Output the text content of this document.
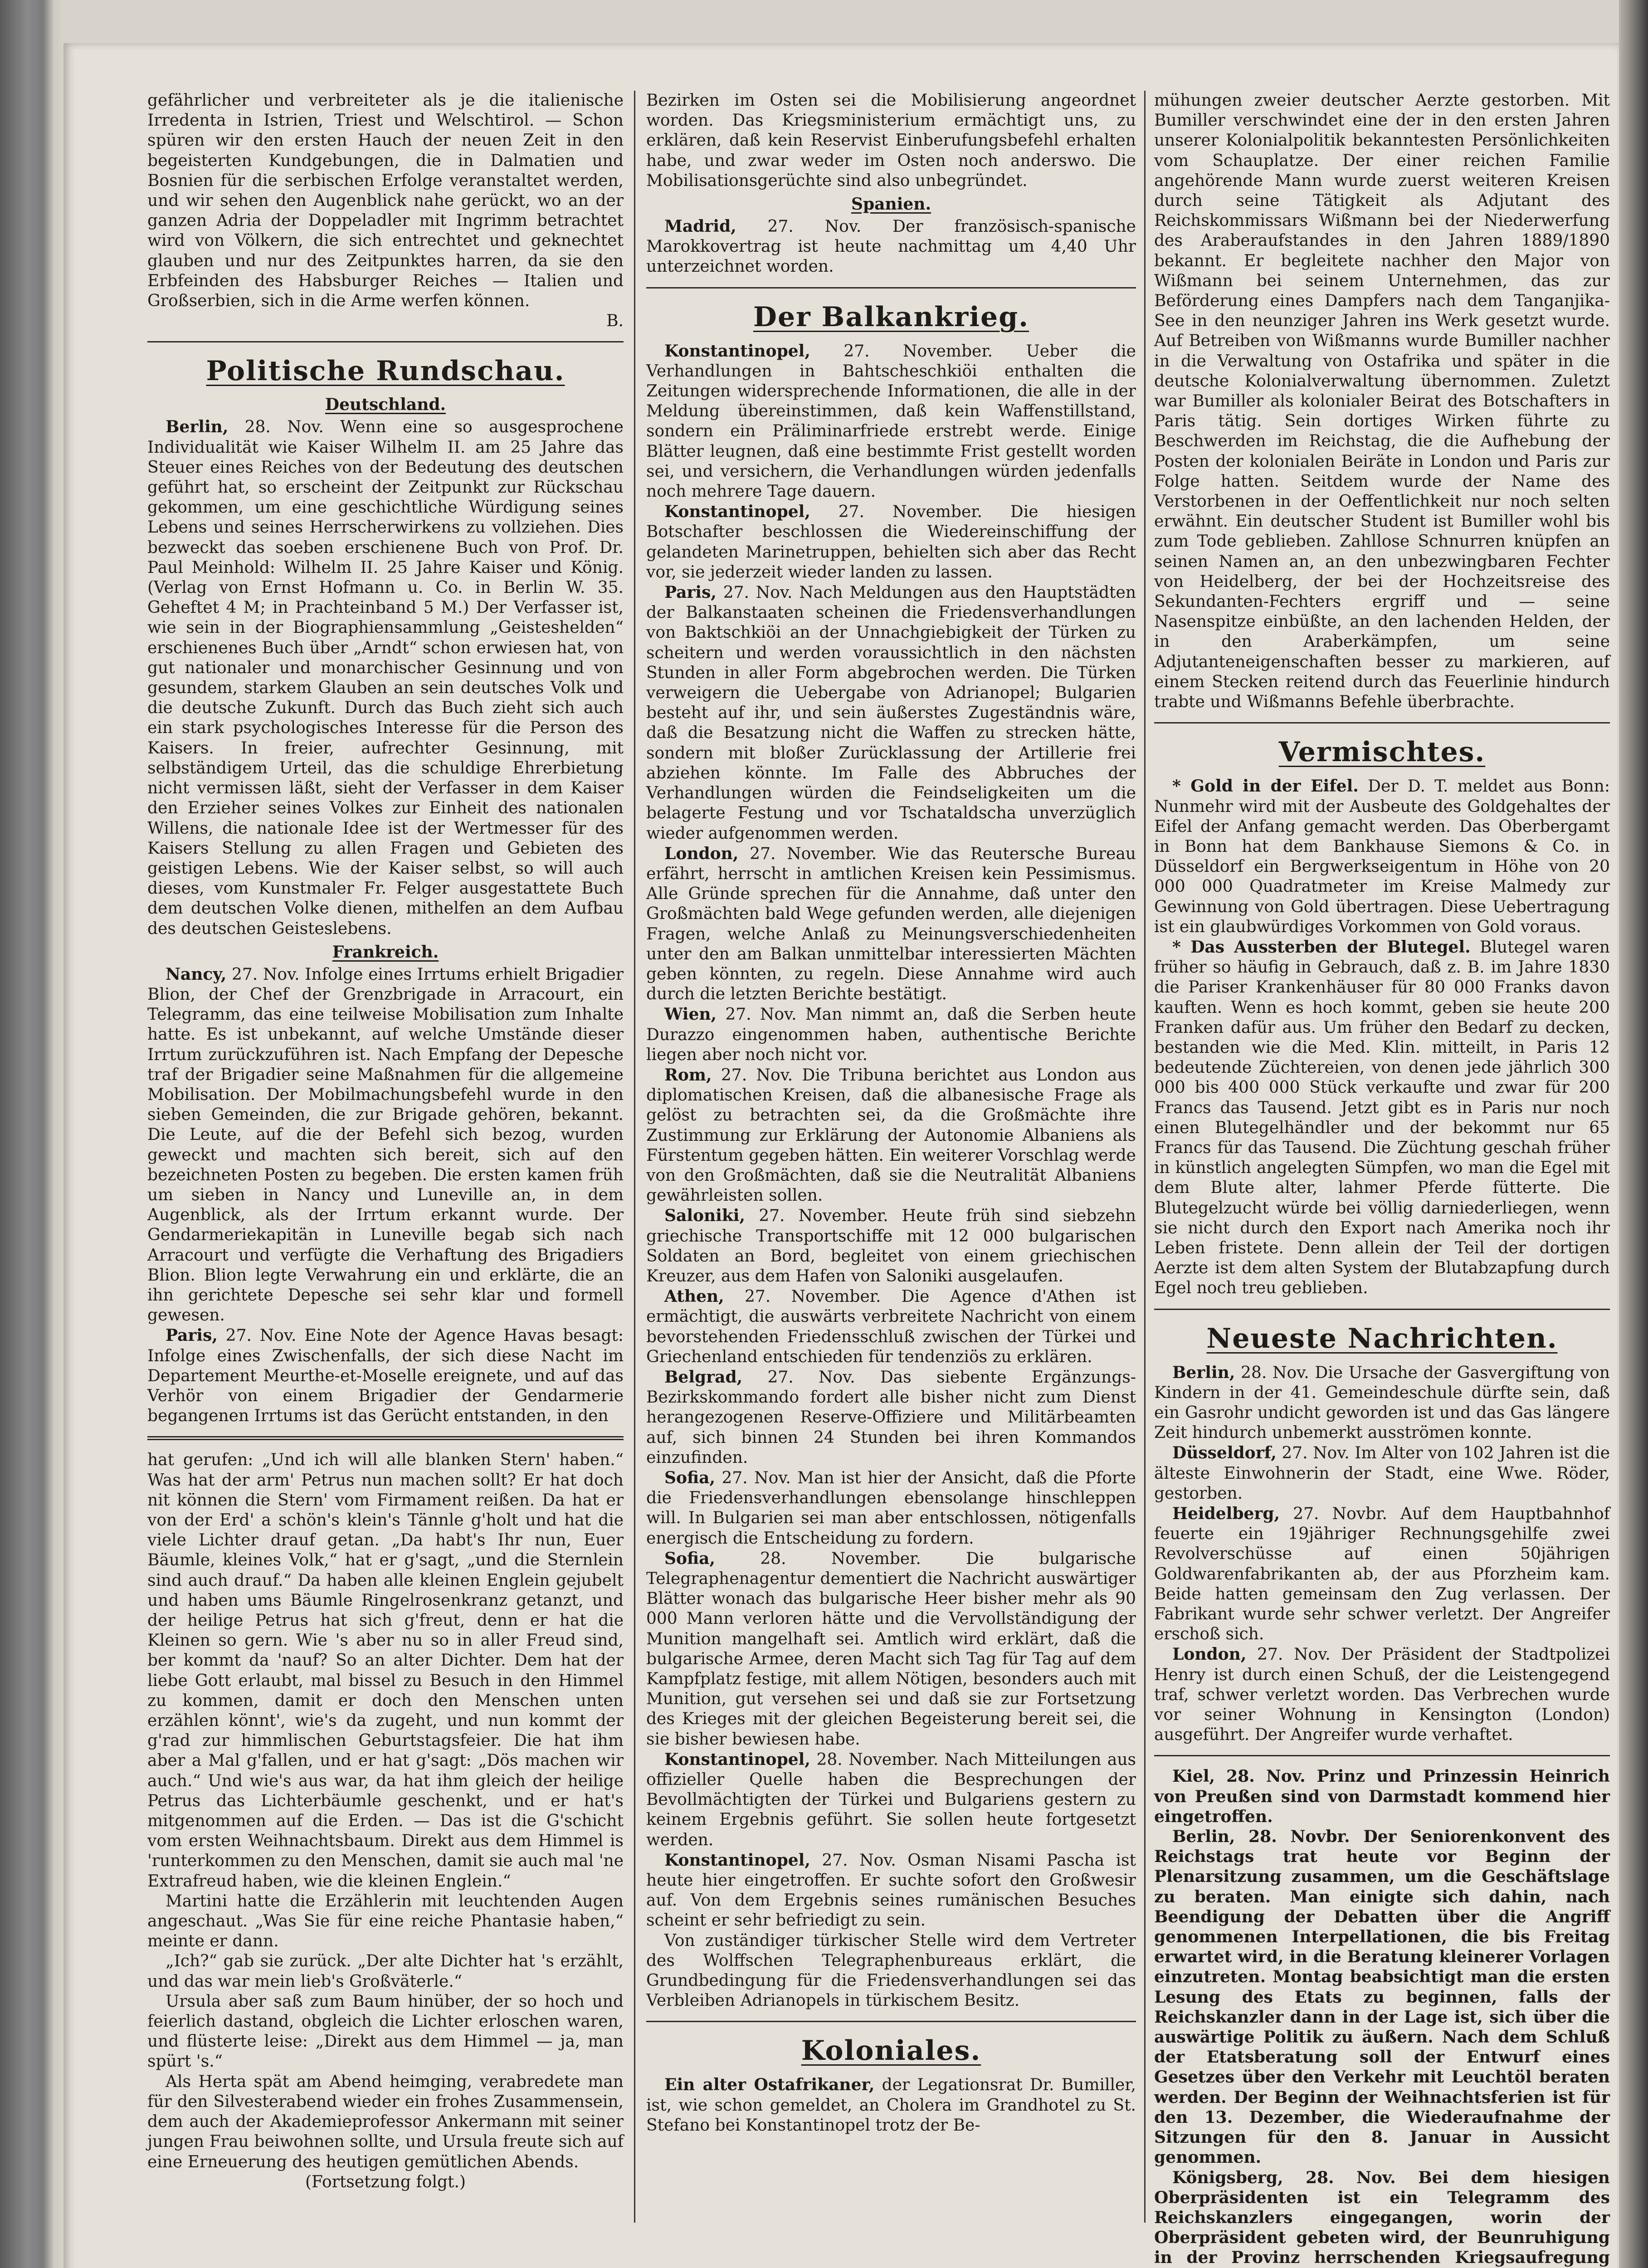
gefährlicher und verbreiteter als je die italienische Irredenta in Istrien, Triest und Welschtirol. — Schon spüren wir den ersten Hauch der neuen Zeit in den begeisterten Kundgebungen, die in Dalmatien und Bosnien für die serbischen Erfolge veranstaltet werden, und wir sehen den Augenblick nahe gerückt, wo an der ganzen Adria der Doppeladler mit Ingrimm betrachtet wird von Völkern, die sich entrechtet und geknechtet glauben und nur des Zeitpunktes harren, da sie den Erbfeinden des Habsburger Reiches — Italien und Großserbien, sich in die Arme werfen können.

B.

Politische Rundschau.
Deutschland.

Berlin, 28. Nov. Wenn eine so ausgesprochene Individualität wie Kaiser Wilhelm II. am 25 Jahre das Steuer eines Reiches von der Bedeutung des deutschen geführt hat, so erscheint der Zeitpunkt zur Rückschau gekommen, um eine geschichtliche Würdigung seines Lebens und seines Herrscherwirkens zu vollziehen. Dies bezweckt das soeben erschienene Buch von Prof. Dr. Paul Meinhold: Wilhelm II. 25 Jahre Kaiser und König. (Verlag von Ernst Hofmann u. Co. in Berlin W. 35. Geheftet 4 M; in Prachteinband 5 M.) Der Verfasser ist, wie sein in der Biographiensammlung „Geisteshelden“ erschienenes Buch über „Arndt“ schon erwiesen hat, von gut nationaler und monarchischer Gesinnung und von gesundem, starkem Glauben an sein deutsches Volk und die deutsche Zukunft. Durch das Buch zieht sich auch ein stark psychologisches Interesse für die Person des Kaisers. In freier, aufrechter Gesinnung, mit selbständigem Urteil, das die schuldige Ehrerbietung nicht vermissen läßt, sieht der Verfasser in dem Kaiser den Erzieher seines Volkes zur Einheit des nationalen Willens, die nationale Idee ist der Wertmesser für des Kaisers Stellung zu allen Fragen und Gebieten des geistigen Lebens. Wie der Kaiser selbst, so will auch dieses, vom Kunstmaler Fr. Felger ausgestattete Buch dem deutschen Volke dienen, mithelfen an dem Aufbau des deutschen Geisteslebens.

Frankreich.

Nancy, 27. Nov. Infolge eines Irrtums erhielt Brigadier Blion, der Chef der Grenzbrigade in Arracourt, ein Telegramm, das eine teilweise Mobilisation zum Inhalte hatte. Es ist unbekannt, auf welche Umstände dieser Irrtum zurückzuführen ist. Nach Empfang der Depesche traf der Brigadier seine Maßnahmen für die allgemeine Mobilisation. Der Mobilmachungsbefehl wurde in den sieben Gemeinden, die zur Brigade gehören, bekannt. Die Leute, auf die der Befehl sich bezog, wurden geweckt und machten sich bereit, sich auf den bezeichneten Posten zu begeben. Die ersten kamen früh um sieben in Nancy und Luneville an, in dem Augenblick, als der Irrtum erkannt wurde. Der Gendarmeriekapitän in Luneville begab sich nach Arracourt und verfügte die Verhaftung des Brigadiers Blion. Blion legte Verwahrung ein und erklärte, die an ihn gerichtete Depesche sei sehr klar und formell gewesen.

Paris, 27. Nov. Eine Note der Agence Havas besagt: Infolge eines Zwischenfalls, der sich diese Nacht im Departement Meurthe-et-Moselle ereignete, und auf das Verhör von einem Brigadier der Gendarmerie begangenen Irrtums ist das Gerücht entstanden, in den

hat gerufen: „Und ich will alle blanken Stern' haben.“ Was hat der arm' Petrus nun machen sollt? Er hat doch nit können die Stern' vom Firmament reißen. Da hat er von der Erd' a schön's klein's Tännle g'holt und hat die viele Lichter drauf getan. „Da habt's Ihr nun, Euer Bäumle, kleines Volk,“ hat er g'sagt, „und die Sternlein sind auch drauf.“ Da haben alle kleinen Englein gejubelt und haben ums Bäumle Ringelrosenkranz getanzt, und der heilige Petrus hat sich g'freut, denn er hat die Kleinen so gern. Wie 's aber nu so in aller Freud sind, ber kommt da 'nauf? So an alter Dichter. Dem hat der liebe Gott erlaubt, mal bissel zu Besuch in den Himmel zu kommen, damit er doch den Menschen unten erzählen könnt', wie's da zugeht, und nun kommt der g'rad zur himmlischen Geburtstagsfeier. Die hat ihm aber a Mal g'fallen, und er hat g'sagt: „Dös machen wir auch.“ Und wie's aus war, da hat ihm gleich der heilige Petrus das Lichterbäumle geschenkt, und er hat's mitgenommen auf die Erden. — Das ist die G'schicht vom ersten Weihnachtsbaum. Direkt aus dem Himmel is 'runterkommen zu den Menschen, damit sie auch mal 'ne Extrafreud haben, wie die kleinen Englein.“

Martini hatte die Erzählerin mit leuchtenden Augen angeschaut. „Was Sie für eine reiche Phantasie haben,“ meinte er dann.

„Ich?“ gab sie zurück. „Der alte Dichter hat 's erzählt, und das war mein lieb's Großväterle.“

Ursula aber saß zum Baum hinüber, der so hoch und feierlich dastand, obgleich die Lichter erloschen waren, und flüsterte leise: „Direkt aus dem Himmel — ja, man spürt 's.“

Als Herta spät am Abend heimging, verabredete man für den Silvesterabend wieder ein frohes Zusammensein, dem auch der Akademieprofessor Ankermann mit seiner jungen Frau beiwohnen sollte, und Ursula freute sich auf eine Erneuerung des heutigen gemütlichen Abends.

(Fortsetzung folgt.)

Bezirken im Osten sei die Mobilisierung angeordnet worden. Das Kriegsministerium ermächtigt uns, zu erklären, daß kein Reservist Einberufungsbefehl erhalten habe, und zwar weder im Osten noch anderswo. Die Mobilisationsgerüchte sind also unbegründet.

Spanien.

Madrid, 27. Nov. Der französisch-spanische Marokkovertrag ist heute nachmittag um 4,40 Uhr unterzeichnet worden.

Der Balkankrieg.

Konstantinopel, 27. November. Ueber die Verhandlungen in Bahtscheschkiöi enthalten die Zeitungen widersprechende Informationen, die alle in der Meldung übereinstimmen, daß kein Waffenstillstand, sondern ein Präliminarfriede erstrebt werde. Einige Blätter leugnen, daß eine bestimmte Frist gestellt worden sei, und versichern, die Verhandlungen würden jedenfalls noch mehrere Tage dauern.

Konstantinopel, 27. November. Die hiesigen Botschafter beschlossen die Wiedereinschiffung der gelandeten Marinetruppen, behielten sich aber das Recht vor, sie jederzeit wieder landen zu lassen.

Paris, 27. Nov. Nach Meldungen aus den Hauptstädten der Balkanstaaten scheinen die Friedensverhandlungen von Baktschkiöi an der Unnachgiebigkeit der Türken zu scheitern und werden voraussichtlich in den nächsten Stunden in aller Form abgebrochen werden. Die Türken verweigern die Uebergabe von Adrianopel; Bulgarien besteht auf ihr, und sein äußerstes Zugeständnis wäre, daß die Besatzung nicht die Waffen zu strecken hätte, sondern mit bloßer Zurücklassung der Artillerie frei abziehen könnte. Im Falle des Abbruches der Verhandlungen würden die Feindseligkeiten um die belagerte Festung und vor Tschataldscha unverzüglich wieder aufgenommen werden.

London, 27. November. Wie das Reutersche Bureau erfährt, herrscht in amtlichen Kreisen kein Pessimismus. Alle Gründe sprechen für die Annahme, daß unter den Großmächten bald Wege gefunden werden, alle diejenigen Fragen, welche Anlaß zu Meinungsverschiedenheiten unter den am Balkan unmittelbar interessierten Mächten geben könnten, zu regeln. Diese Annahme wird auch durch die letzten Berichte bestätigt.

Wien, 27. Nov. Man nimmt an, daß die Serben heute Durazzo eingenommen haben, authentische Berichte liegen aber noch nicht vor.

Rom, 27. Nov. Die Tribuna berichtet aus London aus diplomatischen Kreisen, daß die albanesische Frage als gelöst zu betrachten sei, da die Großmächte ihre Zustimmung zur Erklärung der Autonomie Albaniens als Fürstentum gegeben hätten. Ein weiterer Vorschlag werde von den Großmächten, daß sie die Neutralität Albaniens gewährleisten sollen.

Saloniki, 27. November. Heute früh sind siebzehn griechische Transportschiffe mit 12 000 bulgarischen Soldaten an Bord, begleitet von einem griechischen Kreuzer, aus dem Hafen von Saloniki ausgelaufen.

Athen, 27. November. Die Agence d'Athen ist ermächtigt, die auswärts verbreitete Nachricht von einem bevorstehenden Friedensschluß zwischen der Türkei und Griechenland entschieden für tendenziös zu erklären.

Belgrad, 27. Nov. Das siebente Ergänzungs-Bezirkskommando fordert alle bisher nicht zum Dienst herangezogenen Reserve-Offiziere und Militärbeamten auf, sich binnen 24 Stunden bei ihren Kommandos einzufinden.

Sofia, 27. Nov. Man ist hier der Ansicht, daß die Pforte die Friedensverhandlungen ebensolange hinschleppen will. In Bulgarien sei man aber entschlossen, nötigenfalls energisch die Entscheidung zu fordern.

Sofia,	28. November. Die bulgarische Telegraphenagentur dementiert die Nachricht auswärtiger Blätter wonach das bulgarische Heer bisher mehr als 90 000 Mann verloren hätte und die Vervollständigung der Munition mangelhaft sei. Amtlich wird erklärt, daß die bulgarische Armee, deren Macht sich Tag für Tag auf dem Kampfplatz festige, mit allem Nötigen, besonders auch mit Munition, gut versehen sei und daß sie zur Fortsetzung des Krieges mit der gleichen Begeisterung bereit sei, die sie bisher bewiesen habe.

Konstantinopel, 28. November. Nach Mitteilungen aus offizieller Quelle haben die Besprechungen der Bevollmächtigten der Türkei und Bulgariens gestern zu keinem Ergebnis geführt. Sie sollen heute fortgesetzt werden.

Konstantinopel, 27. Nov. Osman Nisami Pascha ist heute hier eingetroffen. Er suchte sofort den Großwesir auf. Von dem Ergebnis seines rumänischen Besuches scheint er sehr befriedigt zu sein.

Von zuständiger türkischer Stelle wird dem Vertreter des Wolffschen Telegraphenbureaus erklärt, die Grundbedingung für die Friedensverhandlungen sei das Verbleiben Adrianopels in türkischem Besitz.

Koloniales.

Ein alter Ostafrikaner, der Legationsrat Dr. Bumiller, ist, wie schon gemeldet, an Cholera im Grandhotel zu St. Stefano bei Konstantinopel trotz der Be-

mühungen zweier deutscher Aerzte gestorben. Mit Bumiller verschwindet eine der in den ersten Jahren unserer Kolonialpolitik bekanntesten Persönlichkeiten vom Schauplatze. Der einer reichen Familie angehörende Mann wurde zuerst weiteren Kreisen durch seine Tätigkeit als Adjutant des Reichskommissars Wißmann bei der Niederwerfung des Araberaufstandes in den Jahren 1889/1890 bekannt. Er begleitete nachher den Major von Wißmann bei seinem Unternehmen, das zur Beförderung eines Dampfers nach dem Tanganjika-See in den neunziger Jahren ins Werk gesetzt wurde. Auf Betreiben von Wißmanns wurde Bumiller nachher in die Verwaltung von Ostafrika und später in die deutsche Kolonialverwaltung übernommen. Zuletzt war Bumiller als kolonialer Beirat des Botschafters in Paris tätig. Sein dortiges Wirken führte zu Beschwerden im Reichstag, die die Aufhebung der Posten der kolonialen Beiräte in London und Paris zur Folge hatten. Seitdem wurde der Name des Verstorbenen in der Oeffentlichkeit nur noch selten erwähnt. Ein deutscher Student ist Bumiller wohl bis zum Tode geblieben. Zahllose Schnurren knüpfen an seinen Namen an, an den unbezwingbaren Fechter von Heidelberg, der bei der Hochzeitsreise des Sekundanten-Fechters ergriff und — seine Nasenspitze einbüßte, an den lachenden Helden, der in den Araberkämpfen, um seine Adjutanteneigenschaften besser zu markieren, auf einem Stecken reitend durch das Feuerlinie hindurch trabte und Wißmanns Befehle überbrachte.

Vermischtes.

* Gold in der Eifel. Der D. T. meldet aus Bonn: Nunmehr wird mit der Ausbeute des Goldgehaltes der Eifel der Anfang gemacht werden. Das Oberbergamt in Bonn hat dem Bankhause Siemons & Co. in Düsseldorf ein Bergwerkseigentum in Höhe von 20 000 000 Quadratmeter im Kreise Malmedy zur Gewinnung von Gold übertragen. Diese Uebertragung ist ein glaubwürdiges Vorkommen von Gold voraus.

* Das Aussterben der Blutegel. Blutegel waren früher so häufig in Gebrauch, daß z. B. im Jahre 1830 die Pariser Krankenhäuser für 80 000 Franks davon kauften. Wenn es hoch kommt, geben sie heute 200 Franken dafür aus. Um früher den Bedarf zu decken, bestanden wie die Med. Klin. mitteilt, in Paris 12 bedeutende Züchtereien, von denen jede jährlich 300 000 bis 400 000 Stück verkaufte und zwar für 200 Francs das Tausend. Jetzt gibt es in Paris nur noch einen Blutegelhändler und der bekommt nur 65 Francs für das Tausend. Die Züchtung geschah früher in künstlich angelegten Sümpfen, wo man die Egel mit dem Blute alter, lahmer Pferde fütterte. Die Blutegelzucht würde bei völlig darniederliegen, wenn sie nicht durch den Export nach Amerika noch ihr Leben fristete. Denn allein der Teil der dortigen Aerzte ist dem alten System der Blutabzapfung durch Egel noch treu geblieben.

Neueste Nachrichten.

Berlin, 28. Nov. Die Ursache der Gasvergiftung von Kindern in der 41. Gemeindeschule dürfte sein, daß ein Gasrohr undicht geworden ist und das Gas längere Zeit hindurch unbemerkt ausströmen konnte.

Düsseldorf, 27. Nov. Im Alter von 102 Jahren ist die älteste Einwohnerin der Stadt, eine Wwe. Röder, gestorben.

Heidelberg, 27. Novbr. Auf dem Hauptbahnhof feuerte ein 19jähriger Rechnungsgehilfe zwei Revolverschüsse auf einen 50jährigen Goldwarenfabrikanten ab, der aus Pforzheim kam. Beide hatten gemeinsam den Zug verlassen. Der Fabrikant wurde sehr schwer verletzt. Der Angreifer erschoß sich.

London, 27. Nov. Der Präsident der Stadtpolizei Henry ist durch einen Schuß, der die Leistengegend traf, schwer verletzt worden. Das Verbrechen wurde vor seiner Wohnung in Kensington (London) ausgeführt. Der Angreifer wurde verhaftet.

Kiel, 28. Nov. Prinz und Prinzessin Heinrich von Preußen sind von Darmstadt kommend hier eingetroffen.

Berlin, 28. Novbr. Der Seniorenkonvent des Reichstags trat heute vor Beginn der Plenarsitzung zusammen, um die Geschäftslage zu beraten. Man einigte sich dahin, nach Beendigung der Debatten über die Angriff genommenen Interpellationen, die bis Freitag erwartet wird, in die Beratung kleinerer Vorlagen einzutreten. Montag beabsichtigt man die ersten Lesung des Etats zu beginnen, falls der Reichskanzler dann in der Lage ist, sich über die auswärtige Politik zu äußern. Nach dem Schluß der Etatsberatung soll der Entwurf eines Gesetzes über den Verkehr mit Leuchtöl beraten werden. Der Beginn der Weihnachtsferien ist für den 13. Dezember, die Wiederaufnahme der Sitzungen für den 8. Januar in Aussicht genommen.

Königsberg, 28. Nov. Bei dem hiesigen Oberpräsidenten ist ein Telegramm des Reichskanzlers eingegangen, worin der Oberpräsident gebeten wird, der Beunruhigung in der Provinz herrschenden Kriegsaufregung
